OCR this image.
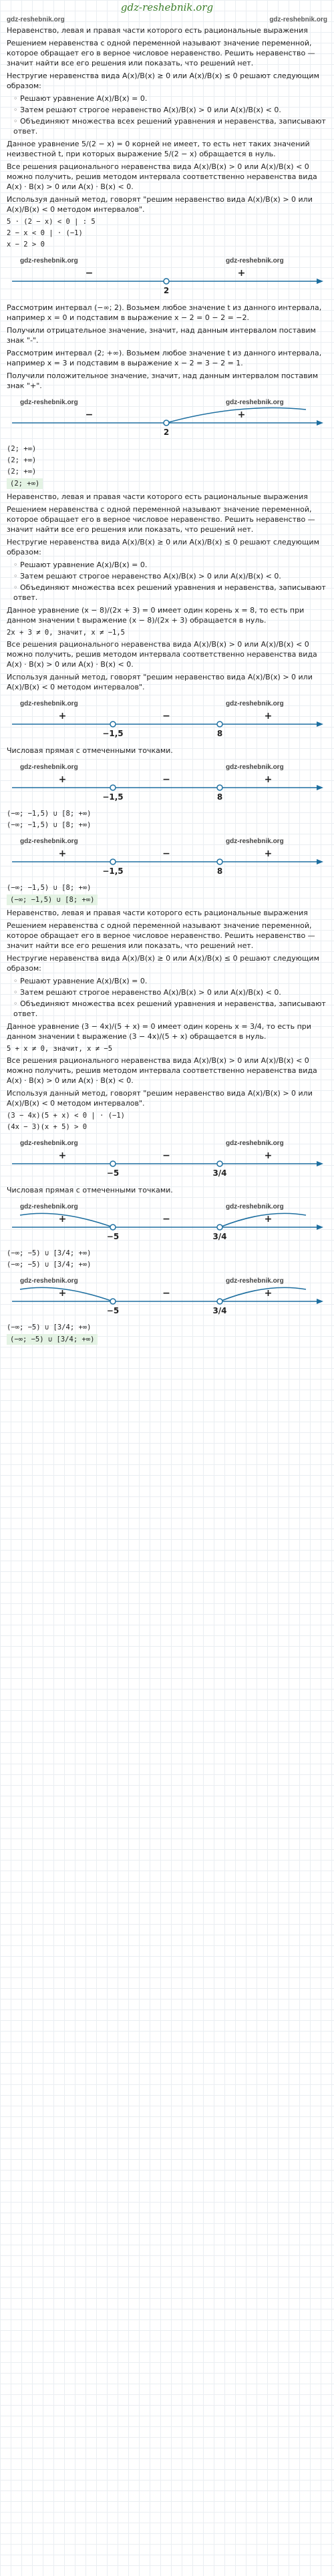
gdz-reshebnik.org
gdz-reshebnik.org	gdz-reshebnik.org
Неравенство, левая и правая части которого есть рациональные выражения
Решением неравенства с одной переменной называют значение переменной, которое обращает его в верное числовое неравенство. Решить неравенство — значит найти все его решения или показать, что решений нет.
Нестругие неравенства вида A(x)/B(x) ≥ 0 или A(x)/B(x) ≤ 0 решают следующим образом:
◦ Решают уравнение A(x)/B(x) = 0.
◦ Затем решают строгое неравенство A(x)/B(x) > 0 или A(x)/B(x) < 0.
◦ Объединяют множества всех решений уравнения и неравенства, записывают ответ.
Данное уравнение 5/(2 − x) = 0 корней не имеет, то есть нет таких значений неизвестной t, при которых выражение 5/(2 − x) обращается в нуль.
Все решения рационального неравенства вида A(x)/B(x) > 0 или A(x)/B(x) < 0 можно получить, решив методом интервала соответственно неравенства вида A(x) · B(x) > 0 или A(x) · B(x) < 0.
Используя данный метод, говорят "решим неравенство вида A(x)/B(x) > 0 или A(x)/B(x) < 0 методом интервалов".
5 · (2 − x) < 0 | : 5
2 − x < 0 | · (−1)
x − 2 > 0
2
−	+
gdz-reshebnik.org	gdz-reshebnik.org
Рассмотрим интервал (−∞; 2). Возьмем любое значение t из данного интервала, например x = 0 и подставим в выражение x − 2 = 0 − 2 = −2.
Получили отрицательное значение, значит, над данным интервалом поставим знак "-".
Рассмотрим интервал (2; +∞). Возьмем любое значение t из данного интервала, например x = 3 и подставим в выражение x − 2 = 3 − 2 = 1.
Получили положительное значение, значит, над данным интервалом поставим знак "+".
2
−	+
gdz-reshebnik.org	gdz-reshebnik.org
(2; +∞)
(2; +∞)
(2; +∞)
(2; +∞)
Неравенство, левая и правая части которого есть рациональные выражения
Решением неравенства с одной переменной называют значение переменной, которое обращает его в верное числовое неравенство. Решить неравенство — значит найти все его решения или показать, что решений нет.
Нестругие неравенства вида A(x)/B(x) ≥ 0 или A(x)/B(x) ≤ 0 решают следующим образом:
◦ Решают уравнение A(x)/B(x) = 0.
◦ Затем решают строгое неравенство A(x)/B(x) > 0 или A(x)/B(x) < 0.
◦ Объединяют множества всех решений уравнения и неравенства, записывают ответ.
Данное уравнение (x − 8)/(2x + 3) = 0 имеет один корень x = 8, то есть при данном значении t выражение (x − 8)/(2x + 3) обращается в нуль.
2x + 3 ≠ 0, значит, x ≠ −1,5
Все решения рационального неравенства вида A(x)/B(x) > 0 или A(x)/B(x) < 0 можно получить, решив методом интервала соответственно неравенства вида A(x) · B(x) > 0 или A(x) · B(x) < 0.
Используя данный метод, говорят "решим неравенство вида A(x)/B(x) > 0 или A(x)/B(x) < 0 методом интервалов".
−1,5	8
+	−	+
gdz-reshebnik.org	gdz-reshebnik.org
Числовая прямая с отмеченными точками.
−1,5	8
+	−	+
gdz-reshebnik.org	gdz-reshebnik.org
(−∞; −1,5) ∪ [8; +∞)
(−∞; −1,5) ∪ [8; +∞)
−1,5	8
+	−	+
gdz-reshebnik.org	gdz-reshebnik.org
(−∞; −1,5) ∪ [8; +∞)
(−∞; −1,5) ∪ [8; +∞)
Неравенство, левая и правая части которого есть рациональные выражения
Решением неравенства с одной переменной называют значение переменной, которое обращает его в верное числовое неравенство. Решить неравенство — значит найти все его решения или показать, что решений нет.
Нестругие неравенства вида A(x)/B(x) ≥ 0 или A(x)/B(x) ≤ 0 решают следующим образом:
◦ Решают уравнение A(x)/B(x) = 0.
◦ Затем решают строгое неравенство A(x)/B(x) > 0 или A(x)/B(x) < 0.
◦ Объединяют множества всех решений уравнения и неравенства, записывают ответ.
Данное уравнение (3 − 4x)/(5 + x) = 0 имеет один корень x = 3/4, то есть при данном значении t выражение (3 − 4x)/(5 + x) обращается в нуль.
5 + x ≠ 0, значит, x ≠ −5
Все решения рационального неравенства вида A(x)/B(x) > 0 или A(x)/B(x) < 0 можно получить, решив методом интервала соответственно неравенства вида A(x) · B(x) > 0 или A(x) · B(x) < 0.
Используя данный метод, говорят "решим неравенство вида A(x)/B(x) > 0 или A(x)/B(x) < 0 методом интервалов".
(3 − 4x)(5 + x) < 0 | · (−1)
(4x − 3)(x + 5) > 0
−5	3/4
+	−	+
gdz-reshebnik.org	gdz-reshebnik.org
Числовая прямая с отмеченными точками.
−5	3/4
+	−	+
gdz-reshebnik.org	gdz-reshebnik.org
(−∞; −5) ∪ [3/4; +∞)
(−∞; −5) ∪ [3/4; +∞)
−5	3/4
+	−	+
gdz-reshebnik.org	gdz-reshebnik.org
(−∞; −5) ∪ [3/4; +∞)
(−∞; −5) ∪ [3/4; +∞)
